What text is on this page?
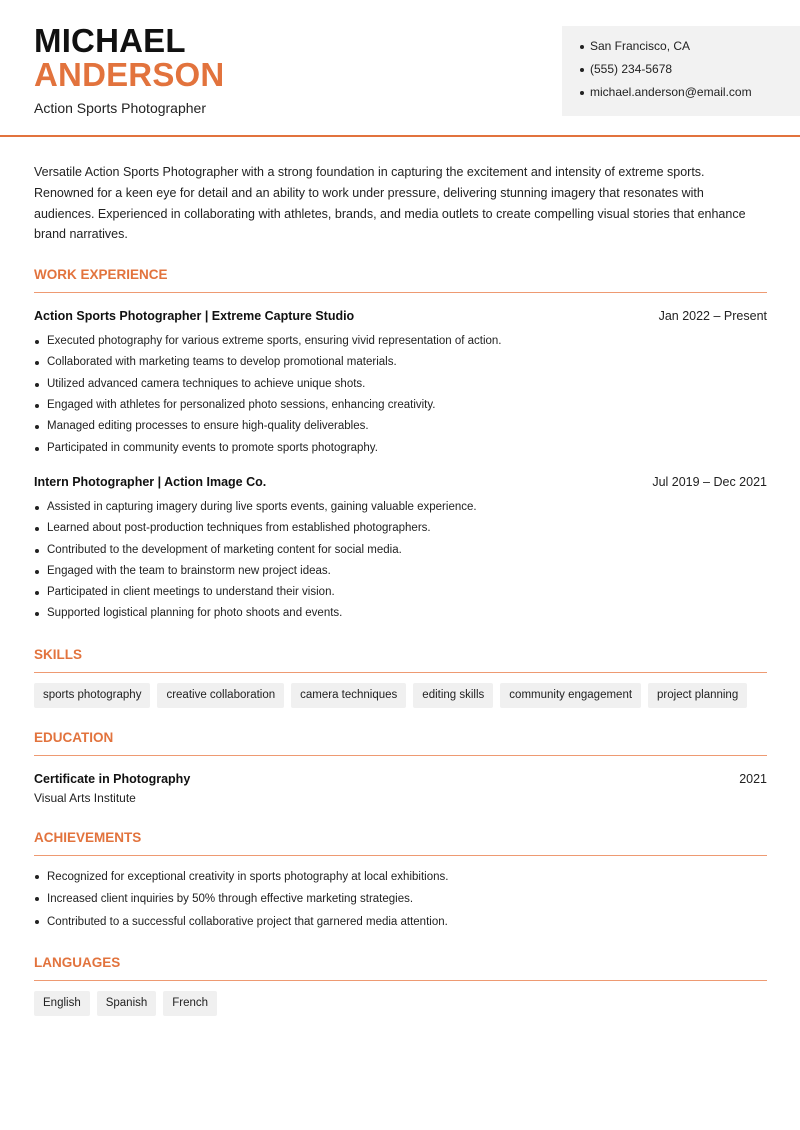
MICHAEL
ANDERSON
Action Sports Photographer
San Francisco, CA
(555) 234-5678
michael.anderson@email.com

Versatile Action Sports Photographer with a strong foundation in capturing the excitement and intensity of extreme sports. Renowned for a keen eye for detail and an ability to work under pressure, delivering stunning imagery that resonates with audiences. Experienced in collaborating with athletes, brands, and media outlets to create compelling visual stories that enhance brand narratives.

WORK EXPERIENCE
Action Sports Photographer | Extreme Capture Studio	Jan 2022 – Present
Executed photography for various extreme sports, ensuring vivid representation of action.
Collaborated with marketing teams to develop promotional materials.
Utilized advanced camera techniques to achieve unique shots.
Engaged with athletes for personalized photo sessions, enhancing creativity.
Managed editing processes to ensure high-quality deliverables.
Participated in community events to promote sports photography.
Intern Photographer | Action Image Co.	Jul 2019 – Dec 2021
Assisted in capturing imagery during live sports events, gaining valuable experience.
Learned about post-production techniques from established photographers.
Contributed to the development of marketing content for social media.
Engaged with the team to brainstorm new project ideas.
Participated in client meetings to understand their vision.
Supported logistical planning for photo shoots and events.
SKILLS
sports photography	creative collaboration	camera techniques	editing skills	community engagement	project planning
EDUCATION
Certificate in Photography	2021
Visual Arts Institute
ACHIEVEMENTS
Recognized for exceptional creativity in sports photography at local exhibitions.
Increased client inquiries by 50% through effective marketing strategies.
Contributed to a successful collaborative project that garnered media attention.
LANGUAGES
English	Spanish	French
